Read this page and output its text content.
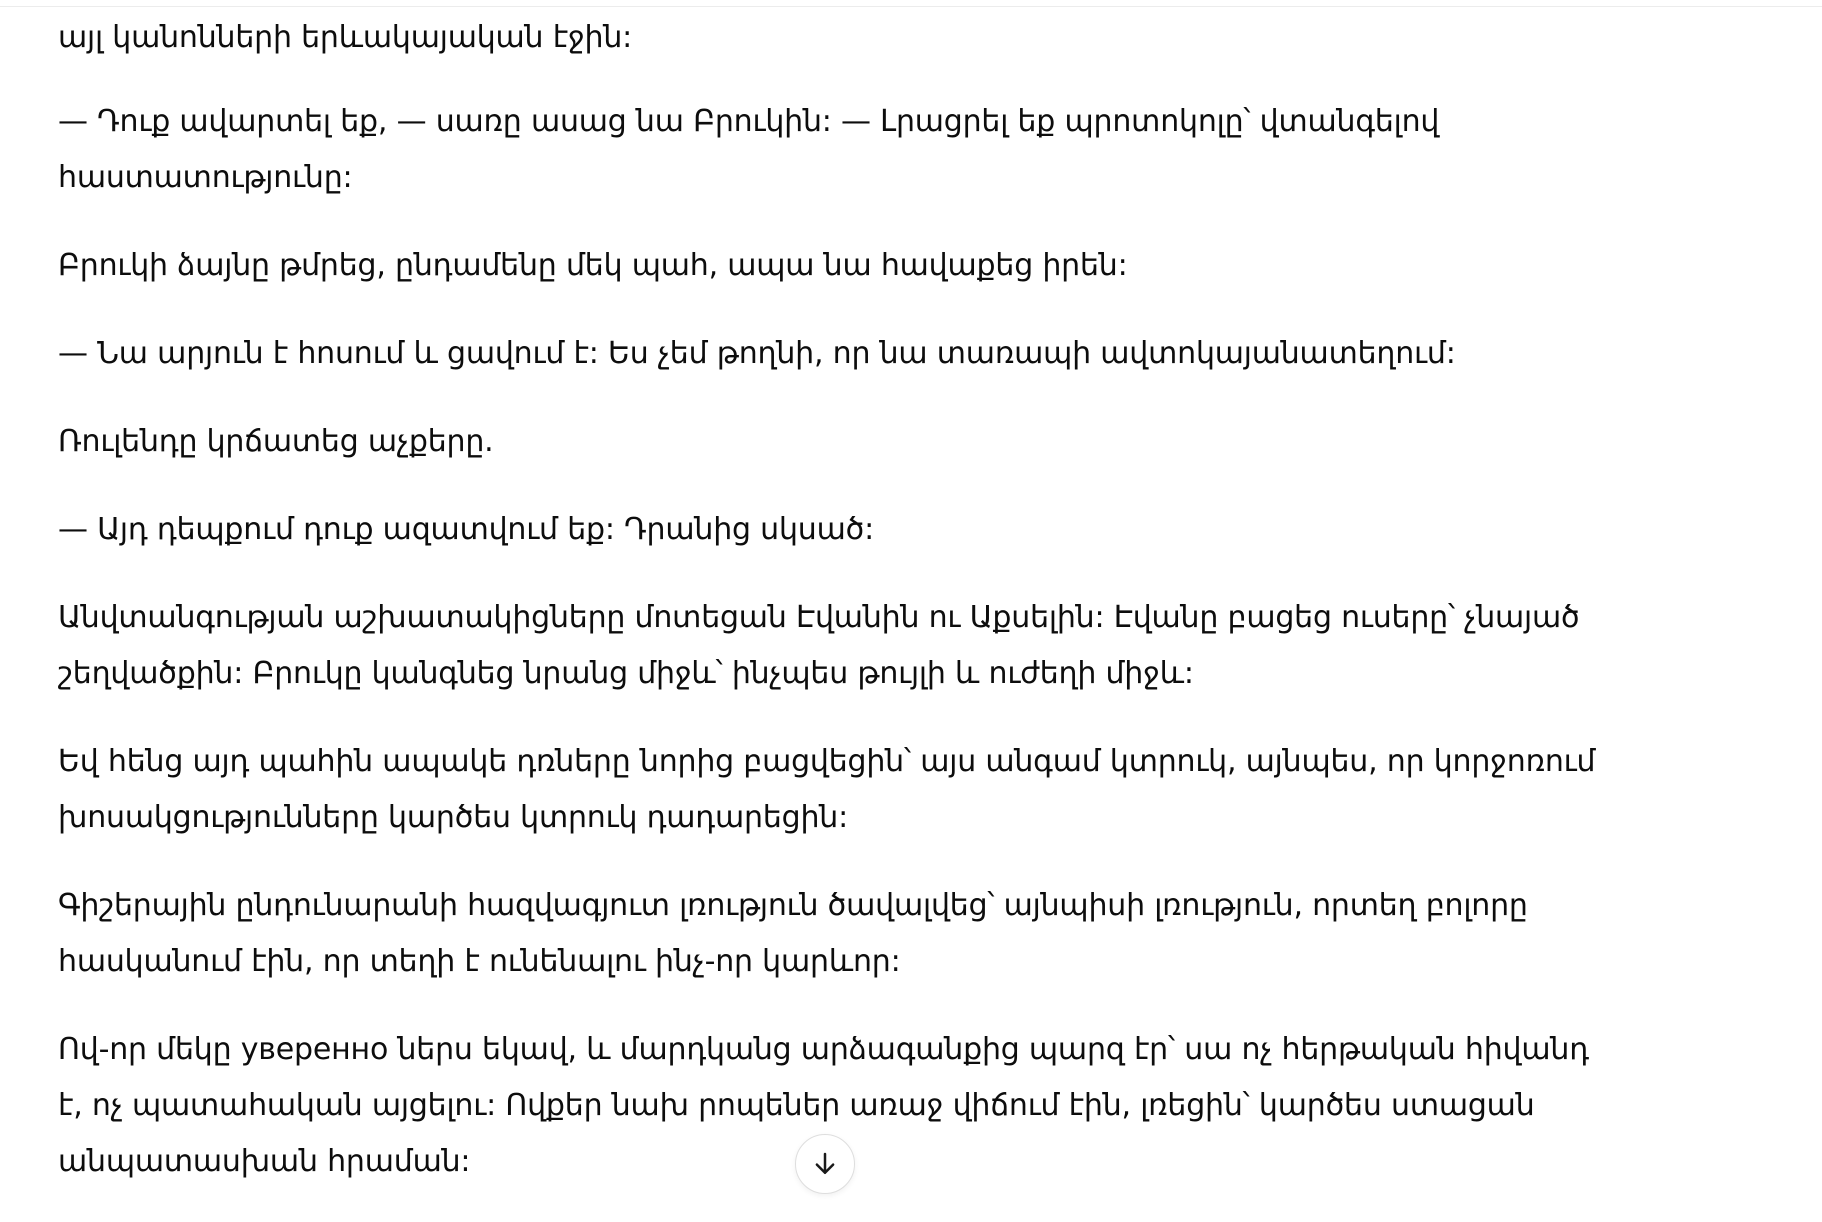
այլ կանոնների երևակայական էջին:

— Դուք ավարտել եք, — սառը ասաց նա Բրուկին: — Լրացրել եք պրոտոկոլը՝ վտանգելով հաստատությունը:

Բրուկի ձայնը թմրեց, ընդամենը մեկ պահ, ապա նա հավաքեց իրեն:

— Նա արյուն է հոսում և ցավում է: Ես չեմ թողնի, որ նա տառապի ավտոկայանատեղում:

Ռուլենդը կրճատեց աչքերը.

— Այդ դեպքում դուք ազատվում եք: Դրանից սկսած:

Անվտանգության աշխատակիցները մոտեցան Էվանին ու Աքսելին: Էվանը բացեց ուսերը՝ չնայած շեղվածքին: Բրուկը կանգնեց նրանց միջև՝ ինչպես թույլի և ուժեղի միջև:

Եվ հենց այդ պահին ապակե դռները նորից բացվեցին՝ այս անգամ կտրուկ, այնպես, որ կորջոռում խոսակցությունները կարծես կտրուկ դադարեցին:

Գիշերային ընդունարանի հազվագյուտ լռություն ծավալվեց՝ այնպիսի լռություն, որտեղ բոլորը հասկանում էին, որ տեղի է ունենալու ինչ-որ կարևոր:

Ով-որ մեկը уверенно ներս եկավ, և մարդկանց արձագանքից պարզ էր՝ սա ոչ հերթական հիվանդ է, ոչ պատահական այցելու: Ովքեր նախ րոպեներ առաջ վիճում էին, լռեցին՝ կարծես ստացան անպատասխան հրաման:
